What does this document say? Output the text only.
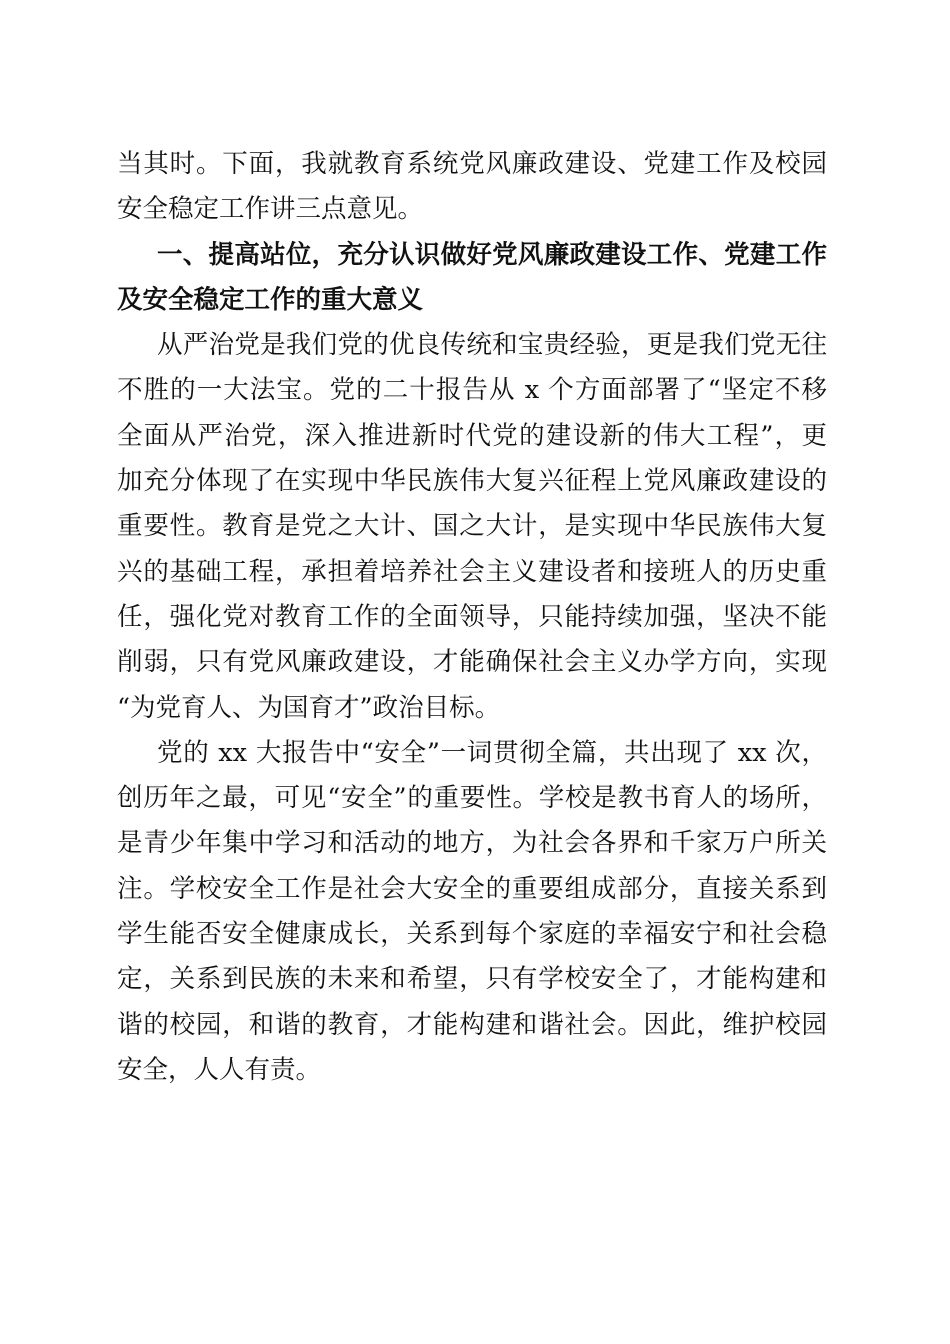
当其时。下面，我就教育系统党风廉政建设、党建工作及校园
安全稳定工作讲三点意见。
一、提高站位，充分认识做好党风廉政建设工作、党建工作
及安全稳定工作的重大意义
从严治党是我们党的优良传统和宝贵经验，更是我们党无往
不胜的一大法宝。党的二十报告从 x 个方面部署了“坚定不移
全面从严治党，深入推进新时代党的建设新的伟大工程”，更
加充分体现了在实现中华民族伟大复兴征程上党风廉政建设的
重要性。教育是党之大计、国之大计，是实现中华民族伟大复
兴的基础工程，承担着培养社会主义建设者和接班人的历史重
任，强化党对教育工作的全面领导，只能持续加强，坚决不能
削弱，只有党风廉政建设，才能确保社会主义办学方向，实现
“为党育人、为国育才”政治目标。
党的 xx 大报告中“安全”一词贯彻全篇，共出现了 xx 次，
创历年之最，可见“安全”的重要性。学校是教书育人的场所，
是青少年集中学习和活动的地方，为社会各界和千家万户所关
注。学校安全工作是社会大安全的重要组成部分，直接关系到
学生能否安全健康成长，关系到每个家庭的幸福安宁和社会稳
定，关系到民族的未来和希望，只有学校安全了，才能构建和
谐的校园，和谐的教育，才能构建和谐社会。因此，维护校园
安全，人人有责。
